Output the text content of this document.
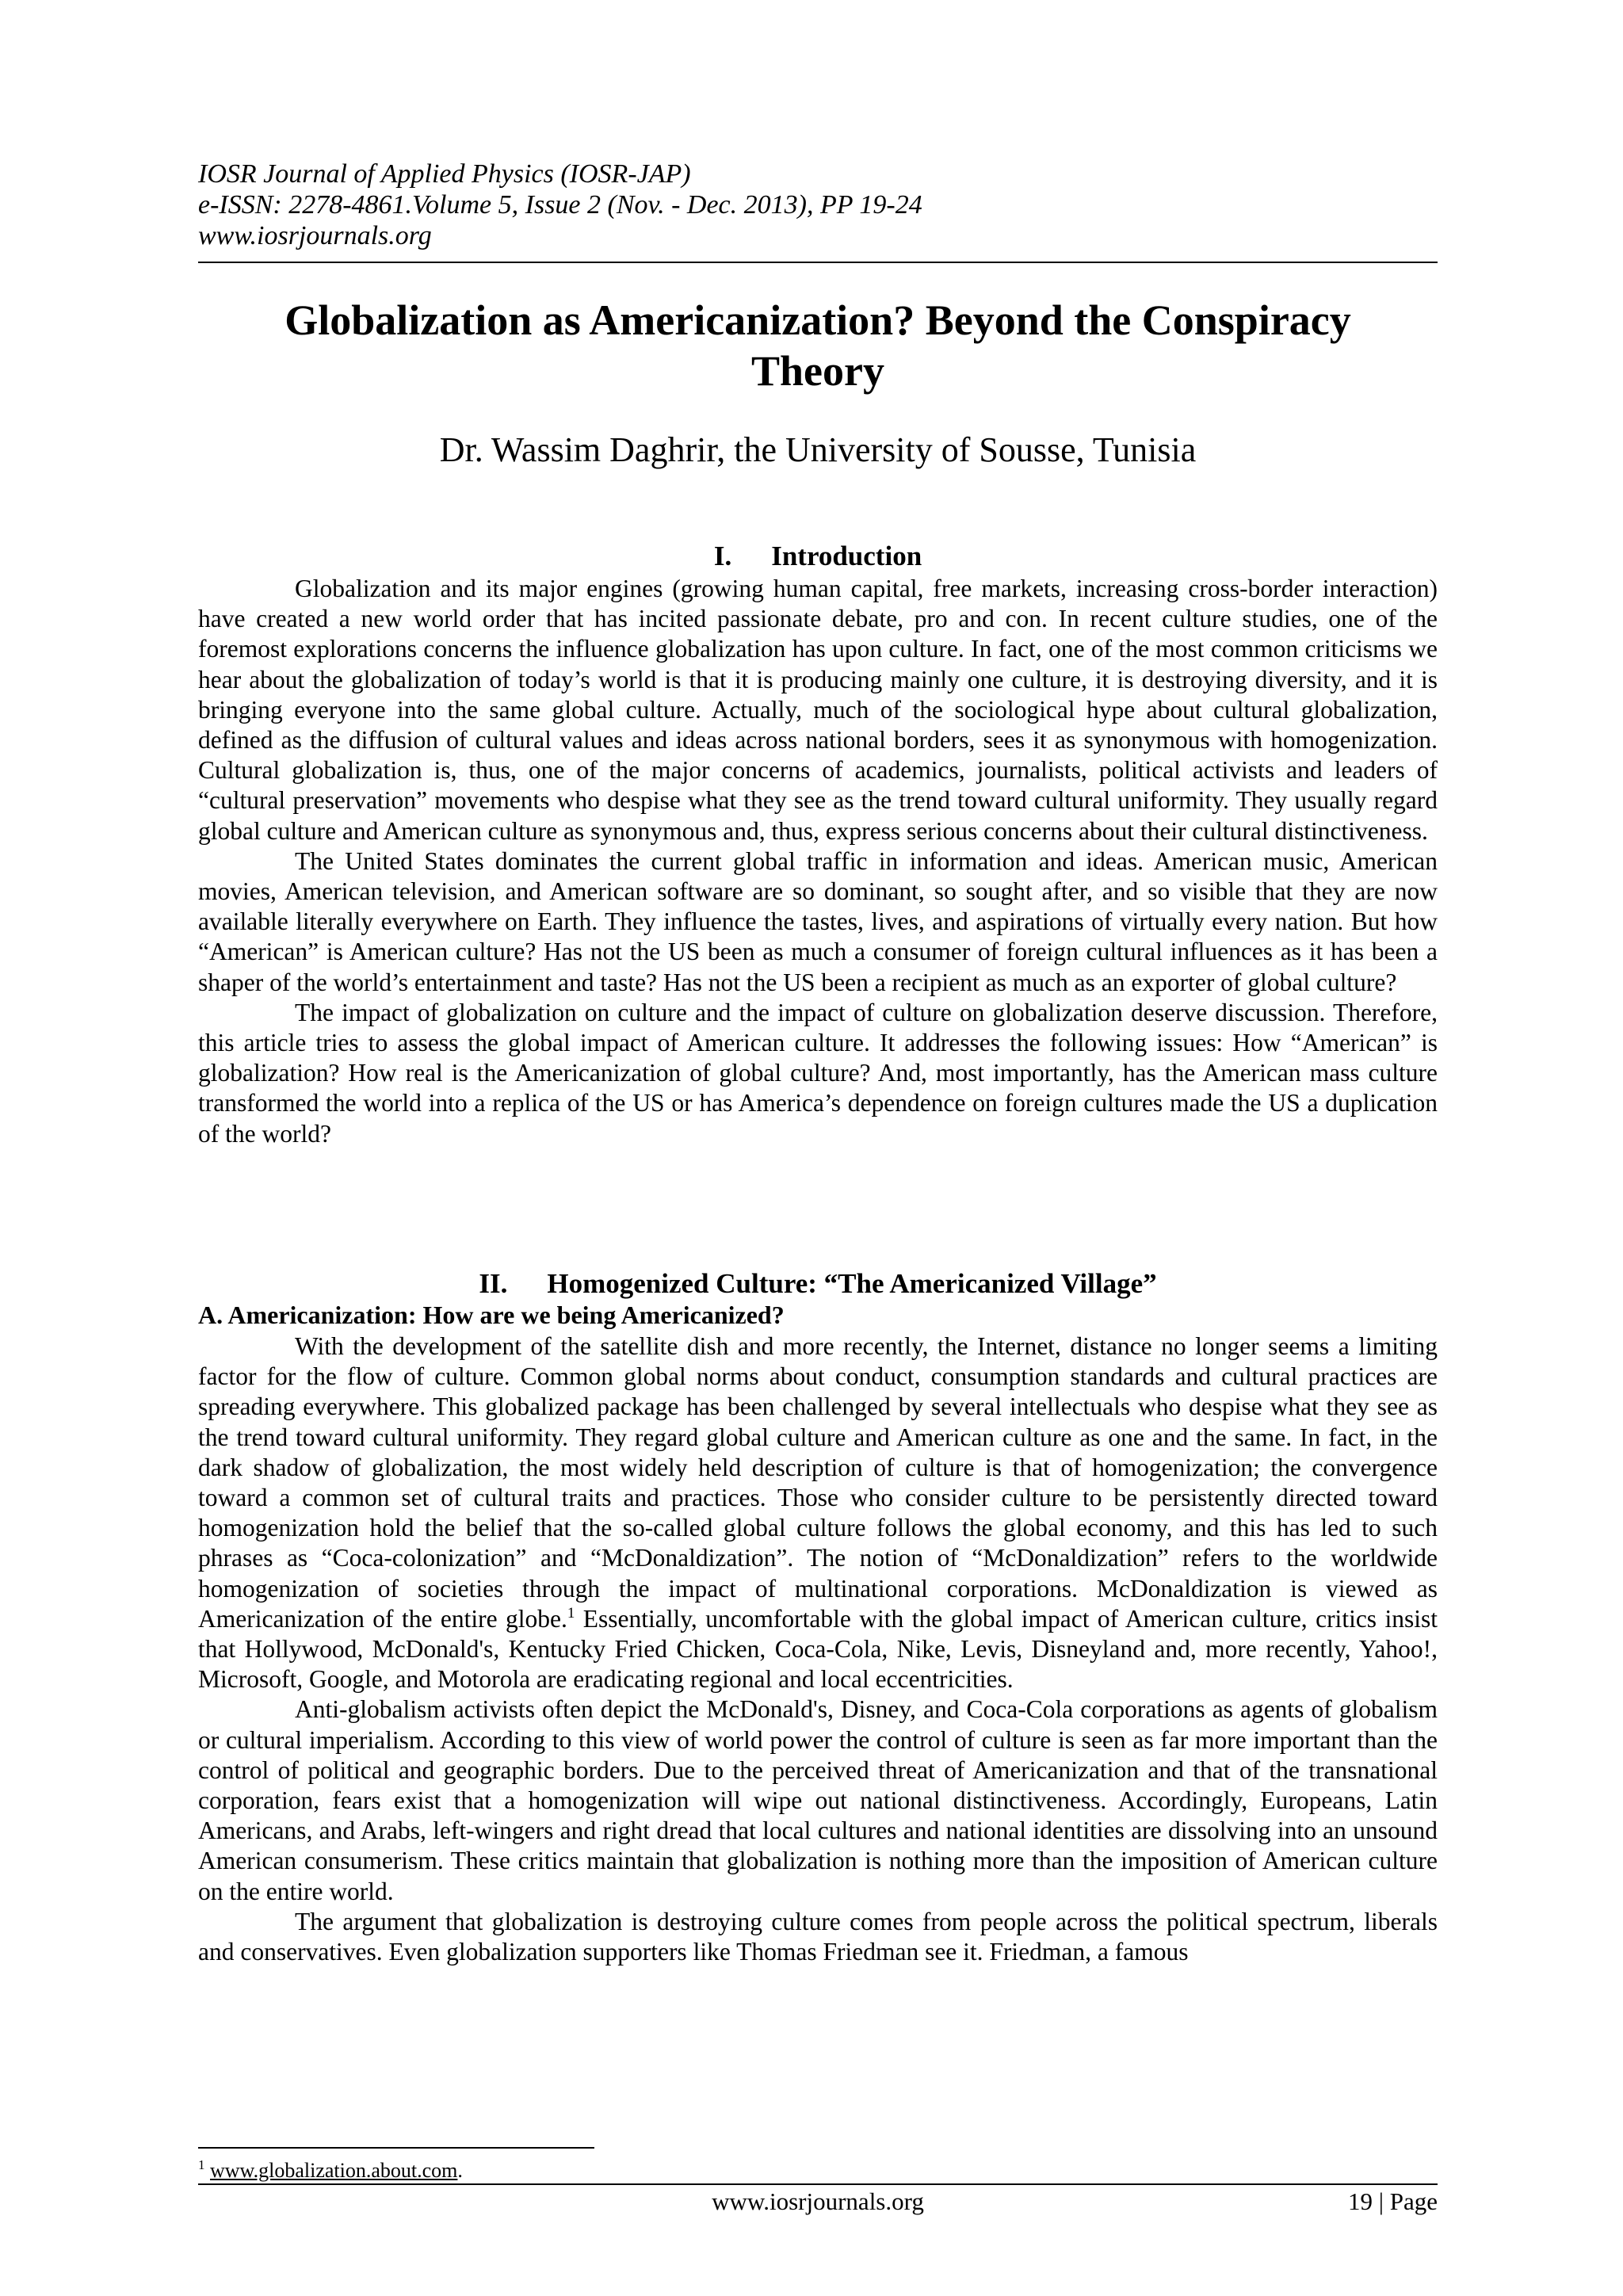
IOSR Journal of Applied Physics (IOSR-JAP)
e-ISSN: 2278-4861.Volume 5, Issue 2 (Nov. - Dec. 2013), PP 19-24
www.iosrjournals.org
Globalization as Americanization? Beyond the Conspiracy
Theory
Dr. Wassim Daghrir, the University of Sousse, Tunisia
I. Introduction

Globalization and its major engines (growing human capital, free markets, increasing cross-border interaction) have created a new world order that has incited passionate debate, pro and con. In recent culture studies, one of the foremost explorations concerns the influence globalization has upon culture. In fact, one of the most common criticisms we hear about the globalization of today’s world is that it is producing mainly one culture, it is destroying diversity, and it is bringing everyone into the same global culture. Actually, much of the sociological hype about cultural globalization, defined as the diffusion of cultural values and ideas across national borders, sees it as synonymous with homogenization. Cultural globalization is, thus, one of the major concerns of academics, journalists, political activists and leaders of “cultural preservation” movements who despise what they see as the trend toward cultural uniformity. They usually regard global culture and American culture as synonymous and, thus, express serious concerns about their cultural distinctiveness.

The United States dominates the current global traffic in information and ideas. American music, American movies, American television, and American software are so dominant, so sought after, and so visible that they are now available literally everywhere on Earth. They influence the tastes, lives, and aspirations of virtually every nation. But how “American” is American culture? Has not the US been as much a consumer of foreign cultural influences as it has been a shaper of the world’s entertainment and taste? Has not the US been a recipient as much as an exporter of global culture?

The impact of globalization on culture and the impact of culture on globalization deserve discussion. Therefore, this article tries to assess the global impact of American culture. It addresses the following issues: How “American” is globalization? How real is the Americanization of global culture? And, most importantly, has the American mass culture transformed the world into a replica of the US or has America’s dependence on foreign cultures made the US a duplication of the world?

II. Homogenized Culture: “The Americanized Village”
A. Americanization: How are we being Americanized?

With the development of the satellite dish and more recently, the Internet, distance no longer seems a limiting factor for the flow of culture. Common global norms about conduct, consumption standards and cultural practices are spreading everywhere. This globalized package has been challenged by several intellectuals who despise what they see as the trend toward cultural uniformity. They regard global culture and American culture as one and the same. In fact, in the dark shadow of globalization, the most widely held description of culture is that of homogenization; the convergence toward a common set of cultural traits and practices. Those who consider culture to be persistently directed toward homogenization hold the belief that the so-called global culture follows the global economy, and this has led to such phrases as “Coca-colonization” and “McDonaldization”. The notion of “McDonaldization” refers to the worldwide homogenization of societies through the impact of multinational corporations. McDonaldization is viewed as Americanization of the entire globe.$^1$ Essentially, uncomfortable with the global impact of American culture, critics insist that Hollywood, McDonald's, Kentucky Fried Chicken, Coca-Cola, Nike, Levis, Disneyland and, more recently, Yahoo!, Microsoft, Google, and Motorola are eradicating regional and local eccentricities.

Anti-globalism activists often depict the McDonald's, Disney, and Coca-Cola corporations as agents of globalism or cultural imperialism. According to this view of world power the control of culture is seen as far more important than the control of political and geographic borders. Due to the perceived threat of Americanization and that of the transnational corporation, fears exist that a homogenization will wipe out national distinctiveness. Accordingly, Europeans, Latin Americans, and Arabs, left-wingers and right dread that local cultures and national identities are dissolving into an unsound American consumerism. These critics maintain that globalization is nothing more than the imposition of American culture on the entire world.

The argument that globalization is destroying culture comes from people across the political spectrum, liberals and conservatives. Even globalization supporters like Thomas Friedman see it. Friedman, a famous

$^1$ www.globalization.about.com.
www.iosrjournals.org	19 | Page
